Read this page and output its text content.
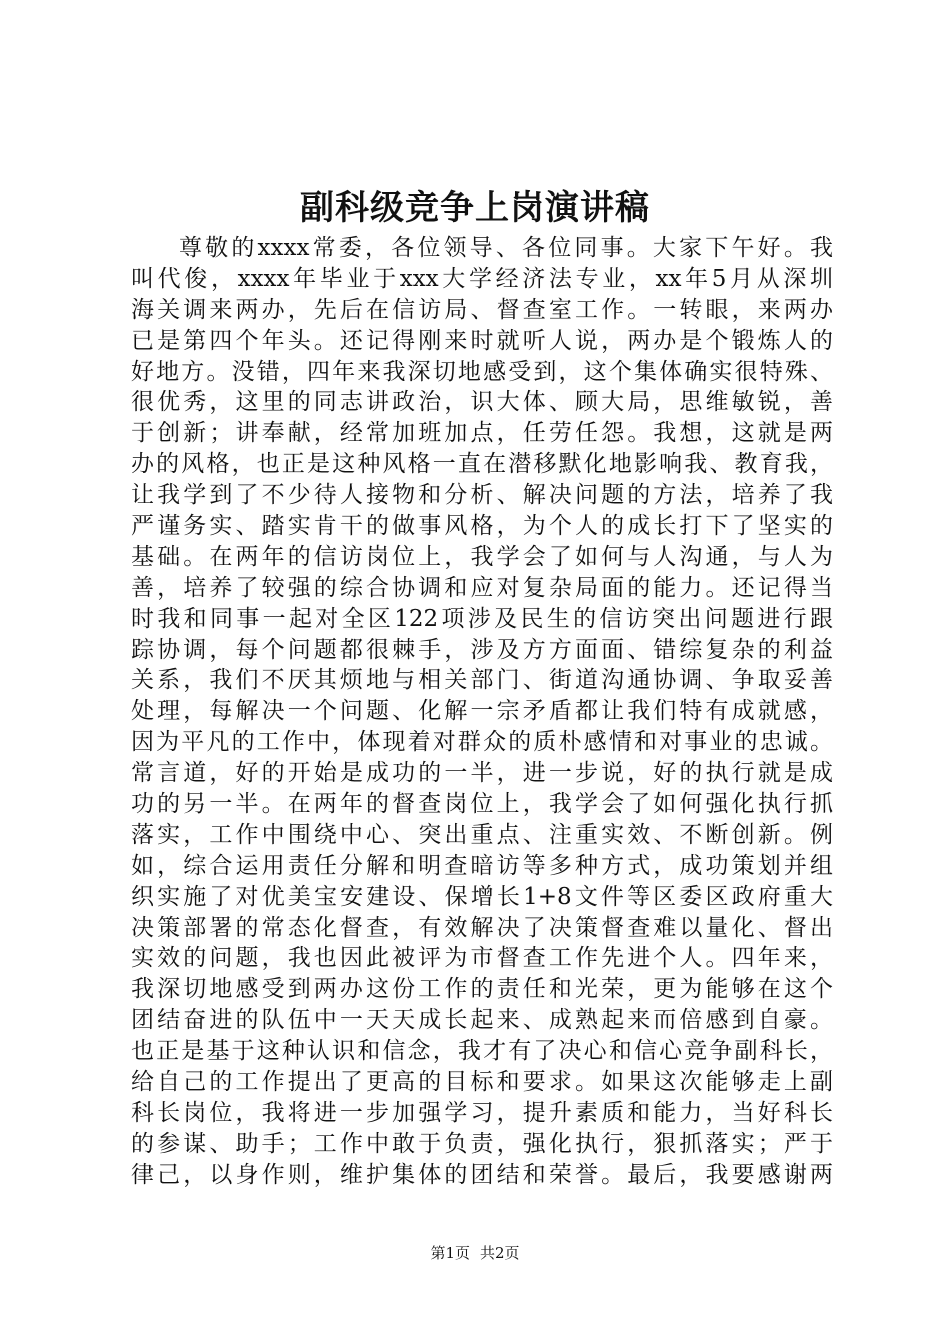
副科级竞争上岗演讲稿
尊敬的xxxx常委，各位领导、各位同事。大家下午好。我
叫代俊，xxxx年毕业于xxx大学经济法专业，xx年5月从深圳
海关调来两办，先后在信访局、督查室工作。一转眼，来两办
已是第四个年头。还记得刚来时就听人说，两办是个锻炼人的
好地方。没错，四年来我深切地感受到，这个集体确实很特殊、
很优秀，这里的同志讲政治，识大体、顾大局，思维敏锐，善
于创新；讲奉献，经常加班加点，任劳任怨。我想，这就是两
办的风格，也正是这种风格一直在潜移默化地影响我、教育我，
让我学到了不少待人接物和分析、解决问题的方法，培养了我
严谨务实、踏实肯干的做事风格，为个人的成长打下了坚实的
基础。在两年的信访岗位上，我学会了如何与人沟通，与人为
善，培养了较强的综合协调和应对复杂局面的能力。还记得当
时我和同事一起对全区122项涉及民生的信访突出问题进行跟
踪协调，每个问题都很棘手，涉及方方面面、错综复杂的利益
关系，我们不厌其烦地与相关部门、街道沟通协调、争取妥善
处理，每解决一个问题、化解一宗矛盾都让我们特有成就感，
因为平凡的工作中，体现着对群众的质朴感情和对事业的忠诚。
常言道，好的开始是成功的一半，进一步说，好的执行就是成
功的另一半。在两年的督查岗位上，我学会了如何强化执行抓
落实，工作中围绕中心、突出重点、注重实效、不断创新。例
如，综合运用责任分解和明查暗访等多种方式，成功策划并组
织实施了对优美宝安建设、保增长1+8文件等区委区政府重大
决策部署的常态化督查，有效解决了决策督查难以量化、督出
实效的问题，我也因此被评为市督查工作先进个人。四年来，
我深切地感受到两办这份工作的责任和光荣，更为能够在这个
团结奋进的队伍中一天天成长起来、成熟起来而倍感到自豪。
也正是基于这种认识和信念，我才有了决心和信心竞争副科长，
给自己的工作提出了更高的目标和要求。如果这次能够走上副
科长岗位，我将进一步加强学习，提升素质和能力，当好科长
的参谋、助手；工作中敢于负责，强化执行，狠抓落实；严于
律己，以身作则，维护集体的团结和荣誉。最后，我要感谢两
第1页 共2页
